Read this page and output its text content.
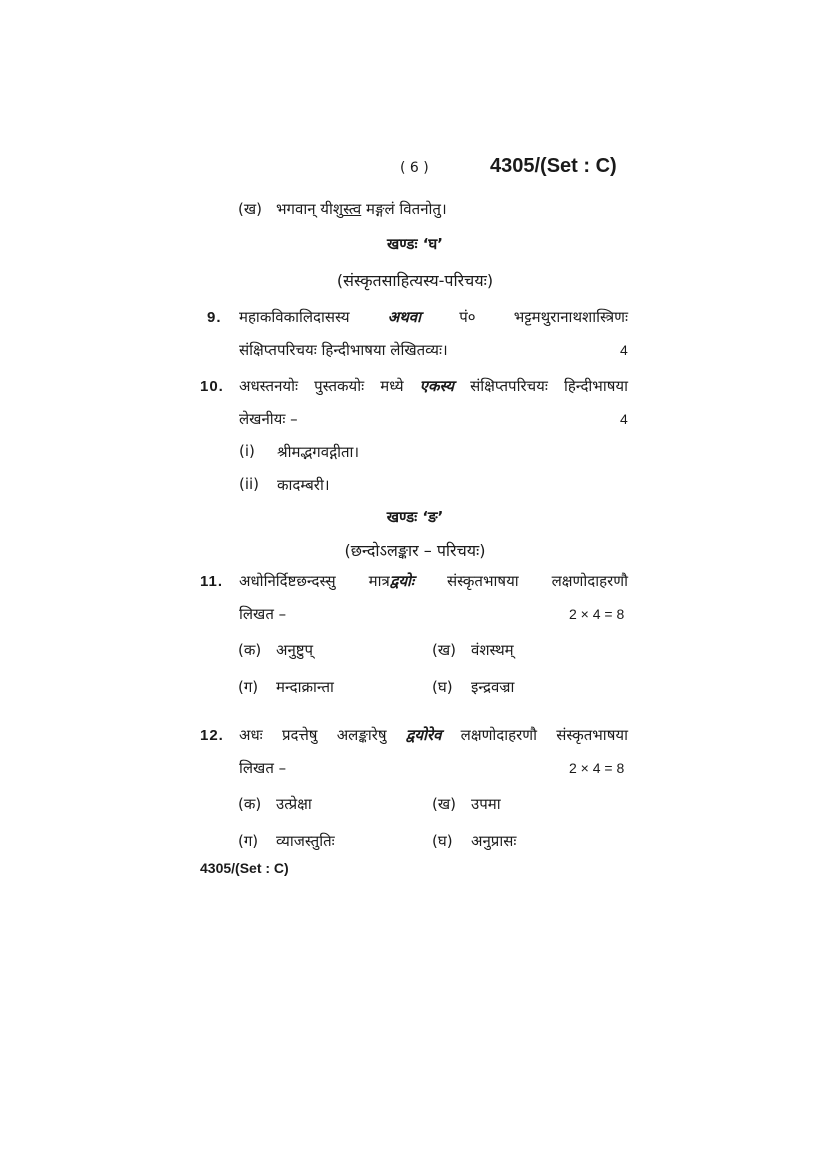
( 6 )	4305/(Set : C)
(ख) भगवान् यीशुस्त्व मङ्गलं वितनोतु।
खण्डः ‘घ’
(संस्कृतसाहित्यस्य-परिचयः)
9. महाकविकालिदासस्य	अथवा	पं०	भट्टमथुरानाथशास्त्रिणः
संक्षिप्तपरिचयः हिन्दीभाषया लेखितव्यः।	4
10. अधस्तनयोः पुस्तकयोः मध्ये एकस्य संक्षिप्तपरिचयः हिन्दीभाषया
लेखनीयः –	4
(i) श्रीमद्भगवद्गीता।
(ii) कादम्बरी।
खण्डः ‘ङ’
(छन्दोऽलङ्कार – परिचयः)
11. अधोनिर्दिष्टछन्दस्सु मात्रद्वयोः संस्कृतभाषया लक्षणोदाहरणौ
लिखत –	2 × 4 = 8
(क) अनुष्टुप्	(ख) वंशस्थम्
(ग) मन्दाक्रान्ता	(घ) इन्द्रवज्रा
12. अधः प्रदत्तेषु अलङ्कारेषु द्वयोरेव लक्षणोदाहरणौ संस्कृतभाषया
लिखत –	2 × 4 = 8
(क) उत्प्रेक्षा	(ख) उपमा
(ग) व्याजस्तुतिः	(घ) अनुप्रासः
4305/(Set : C)
